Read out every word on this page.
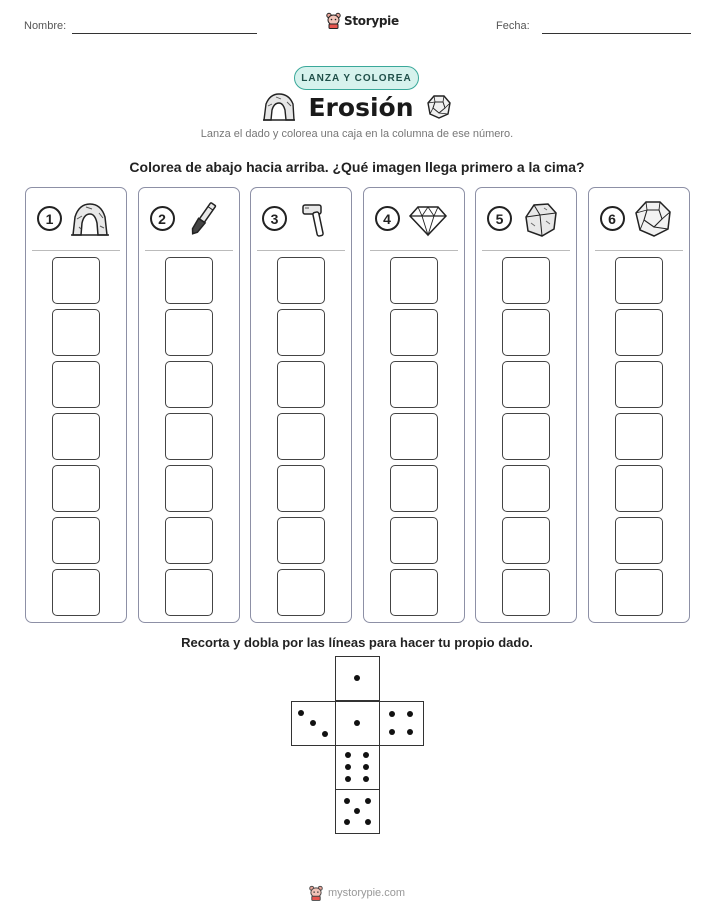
Nombre:	Fecha:
Storypie
LANZA Y COLOREA
Erosión
Lanza el dado y colorea una caja en la columna de ese número.
Colorea de abajo hacia arriba. ¿Qué imagen llega primero a la cima?
1	2	3	4	5	6
Recorta y dobla por las líneas para hacer tu propio dado.
mystorypie.com
